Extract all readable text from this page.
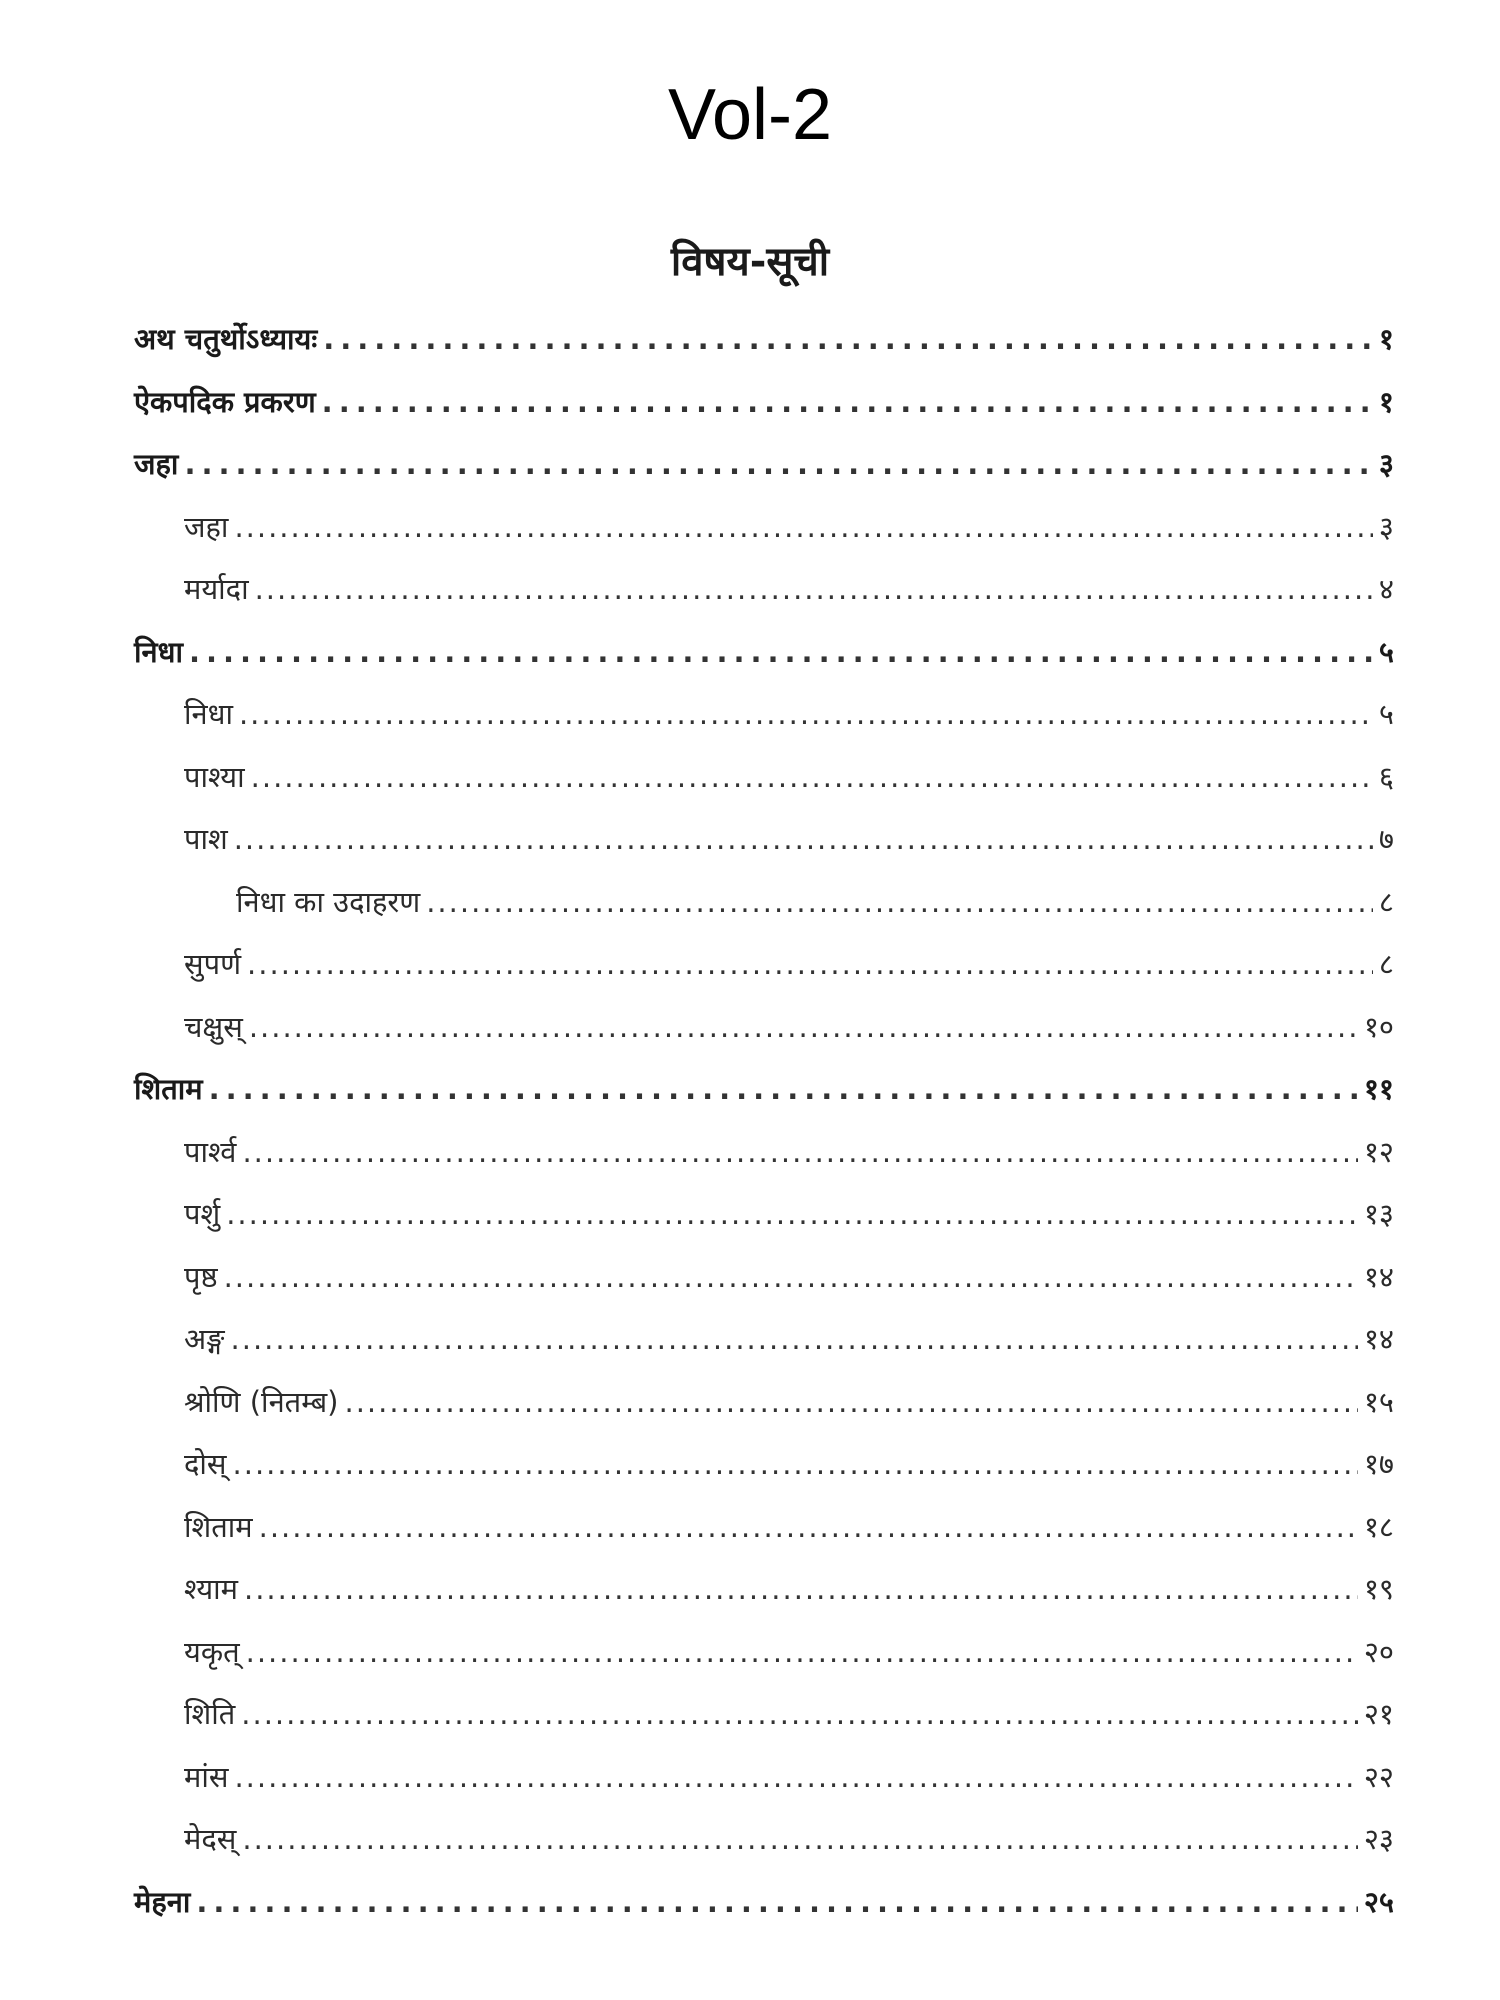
Vol-2
विषय-सूची
अथ चतुर्थोऽध्यायः .....	१
ऐकपदिक प्रकरण .....	१
जहा .....	३
जहा .....	३
मर्यादा .....	४
निधा .....	५
निधा .....	५
पाश्या .....	६
पाश .....	७
निधा का उदाहरण .....	८
सुपर्ण .....	८
चक्षुस् .....	१०
शिताम .....	११
पार्श्व .....	१२
पर्शु .....	१३
पृष्ठ .....	१४
अङ्ग .....	१४
श्रोणि (नितम्ब) .....	१५
दोस् .....	१७
शिताम .....	१८
श्याम .....	१९
यकृत् .....	२०
शिति .....	२१
मांस .....	२२
मेदस् .....	२३
मेहना .....	२५
